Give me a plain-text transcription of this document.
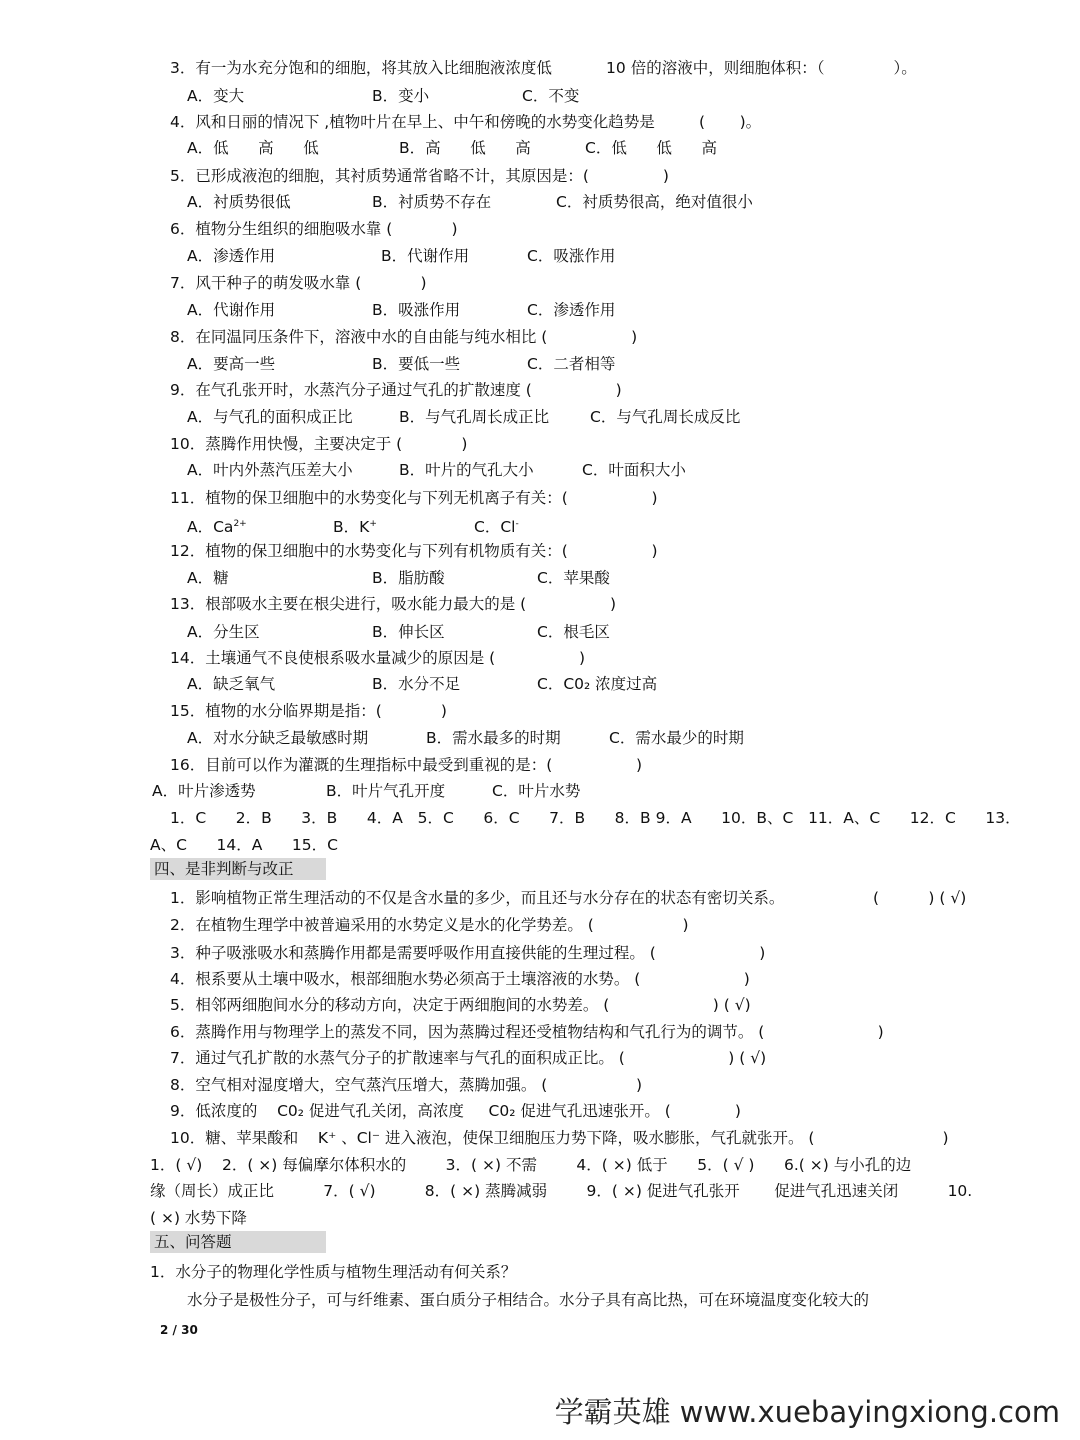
3．有一为水充分饱和的细胞，将其放入比细胞液浓度低           10 倍的溶液中，则细胞体积：（              ）。
A．变大	B．变小	C．不变
4．风和日丽的情况下 ,植物叶片在早上、中午和傍晚的水势变化趋势是         (       )。
A．低      高      低	B．高      低      高	C．低      低      高
5．已形成液泡的细胞，其衬质势通常省略不计，其原因是：(               )
A．衬质势很低	B．衬质势不存在	C．衬质势很高，绝对值很小
6．植物分生组织的细胞吸水靠 (            )
A．渗透作用	B．代谢作用	C．吸涨作用
7．风干种子的萌发吸水靠 (            )
A．代谢作用	B．吸涨作用	C．渗透作用
8．在同温同压条件下，溶液中水的自由能与纯水相比 (                 )
A．要高一些	B．要低一些	C．二者相等
9．在气孔张开时，水蒸汽分子通过气孔的扩散速度 (                 )
A．与气孔的面积成正比	B．与气孔周长成正比	C．与气孔周长成反比
10．蒸腾作用快慢，主要决定于 (            )
A．叶内外蒸汽压差大小	B．叶片的气孔大小	C．叶面积大小
11．植物的保卫细胞中的水势变化与下列无机离子有关：(                 )
A．$Ca^{2+}$	B．K+	C．Cl-
12．植物的保卫细胞中的水势变化与下列有机物质有关：(                 )
A．糖	B．脂肪酸	C．苹果酸
13．根部吸水主要在根尖进行，吸水能力最大的是 (                 )
A．分生区	B．伸长区	C．根毛区
14．土壤通气不良使根系吸水量减少的原因是 (                 )
A．缺乏氧气	B．水分不足	C．C0₂ 浓度过高
15．植物的水分临界期是指：(            )
A．对水分缺乏最敏感时期	B．需水最多的时期	C．需水最少的时期
16．目前可以作为灌溉的生理指标中最受到重视的是：(                 )
A．叶片渗透势	B．叶片气孔开度	C．叶片水势
1．C      2．B      3．B      4．A   5．C      6．C      7．B      8．B 9．A      10．B、C   11．A、C      12．C      13．
A、C      14．A      15．C
四、是非判断与改正
1．影响植物正常生理活动的不仅是含水量的多少，而且还与水分存在的状态有密切关系。                  (          ) ( √)
2．在植物生理学中被普遍采用的水势定义是水的化学势差。 (                  )
3．种子吸涨吸水和蒸腾作用都是需要呼吸作用直接供能的生理过程。 (                     )
4．根系要从土壤中吸水，根部细胞水势必须高于土壤溶液的水势。 (                     )
5．相邻两细胞间水分的移动方向，决定于两细胞间的水势差。 (                     ) ( √)
6．蒸腾作用与物理学上的蒸发不同，因为蒸腾过程还受植物结构和气孔行为的调节。 (                       )
7．通过气孔扩散的水蒸气分子的扩散速率与气孔的面积成正比。 (                     ) ( √)
8．空气相对湿度增大，空气蒸汽压增大，蒸腾加强。 (                  )
9．低浓度的    C0₂ 促进气孔关闭，高浓度     C0₂ 促进气孔迅速张开。 (             )
10．糖、苹果酸和    K⁺ 、Cl⁻ 进入液泡，使保卫细胞压力势下降，吸水膨胀，气孔就张开。 (                          )
1．( √)    2．( ×) 每偏摩尔体积水的        3．( ×) 不需        4．( ×) 低于      5．( √ )      6.( ×) 与小孔的边
缘（周长）成正比          7．( √)          8．( ×) 蒸腾减弱        9．( ×) 促进气孔张开       促进气孔迅速关闭          10.
( ×) 水势下降
五、问答题
1．水分子的物理化学性质与植物生理活动有何关系？
水分子是极性分子，可与纤维素、蛋白质分子相结合。水分子具有高比热，可在环境温度变化较大的
2 / 30
学霸英雄 www.xuebayingxiong.com
